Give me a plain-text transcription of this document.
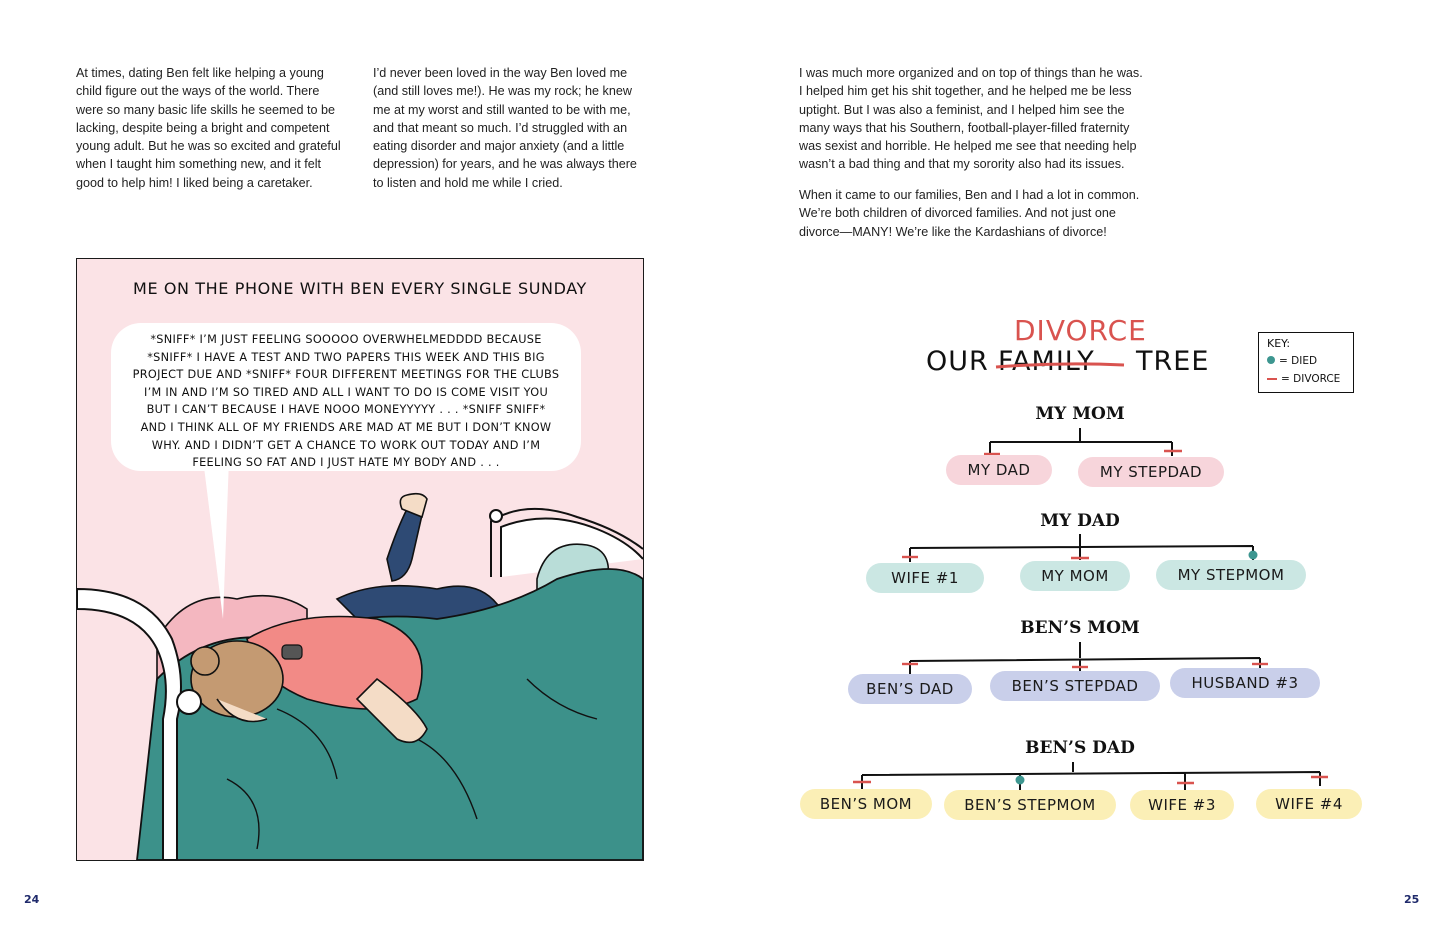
At times, dating Ben felt like helping a young
child figure out the ways of the world. There
were so many basic life skills he seemed to be
lacking, despite being a bright and competent
young adult. But he was so excited and grateful
when I taught him something new, and it felt
good to help him! I liked being a caretaker.
I’d never been loved in the way Ben loved me
(and still loves me!). He was my rock; he knew
me at my worst and still wanted to be with me,
and that meant so much. I’d struggled with an
eating disorder and major anxiety (and a little
depression) for years, and he was always there
to listen and hold me while I cried.
ME ON THE PHONE WITH BEN EVERY SINGLE SUNDAY
*SNIFF* I’M JUST FEELING SOOOOO OVERWHELMEDDDD BECAUSE
*SNIFF* I HAVE A TEST AND TWO PAPERS THIS WEEK AND THIS BIG
PROJECT DUE AND *SNIFF* FOUR DIFFERENT MEETINGS FOR THE CLUBS
I’M IN AND I’M SO TIRED AND ALL I WANT TO DO IS COME VISIT YOU
BUT I CAN’T BECAUSE I HAVE NOOO MONEYYYYY . . . *SNIFF SNIFF*
AND I THINK ALL OF MY FRIENDS ARE MAD AT ME BUT I DON’T KNOW
WHY. AND I DIDN’T GET A CHANCE TO WORK OUT TODAY AND I’M
FEELING SO FAT AND I JUST HATE MY BODY AND . . .
24
I was much more organized and on top of things than he was.
I helped him get his shit together, and he helped me be less
uptight. But I was also a feminist, and I helped him see the
many ways that his Southern, football-player-filled fraternity
was sexist and horrible. He helped me see that needing help
wasn’t a bad thing and that my sorority also had its issues.
When it came to our families, Ben and I had a lot in common.
We’re both children of divorced families. And not just one
divorce—MANY! We’re like the Kardashians of divorce!
OUR FAMILY TREE
DIVORCE	KEY:
= DIED
= DIVORCE
MY MOM
MY DAD	MY STEPDAD
MY DAD
WIFE #1	MY MOM	MY STEPMOM
BEN’S MOM
BEN’S DAD	BEN’S STEPDAD	HUSBAND #3
BEN’S DAD
BEN’S MOM	BEN’S STEPMOM	WIFE #3	WIFE #4
25
